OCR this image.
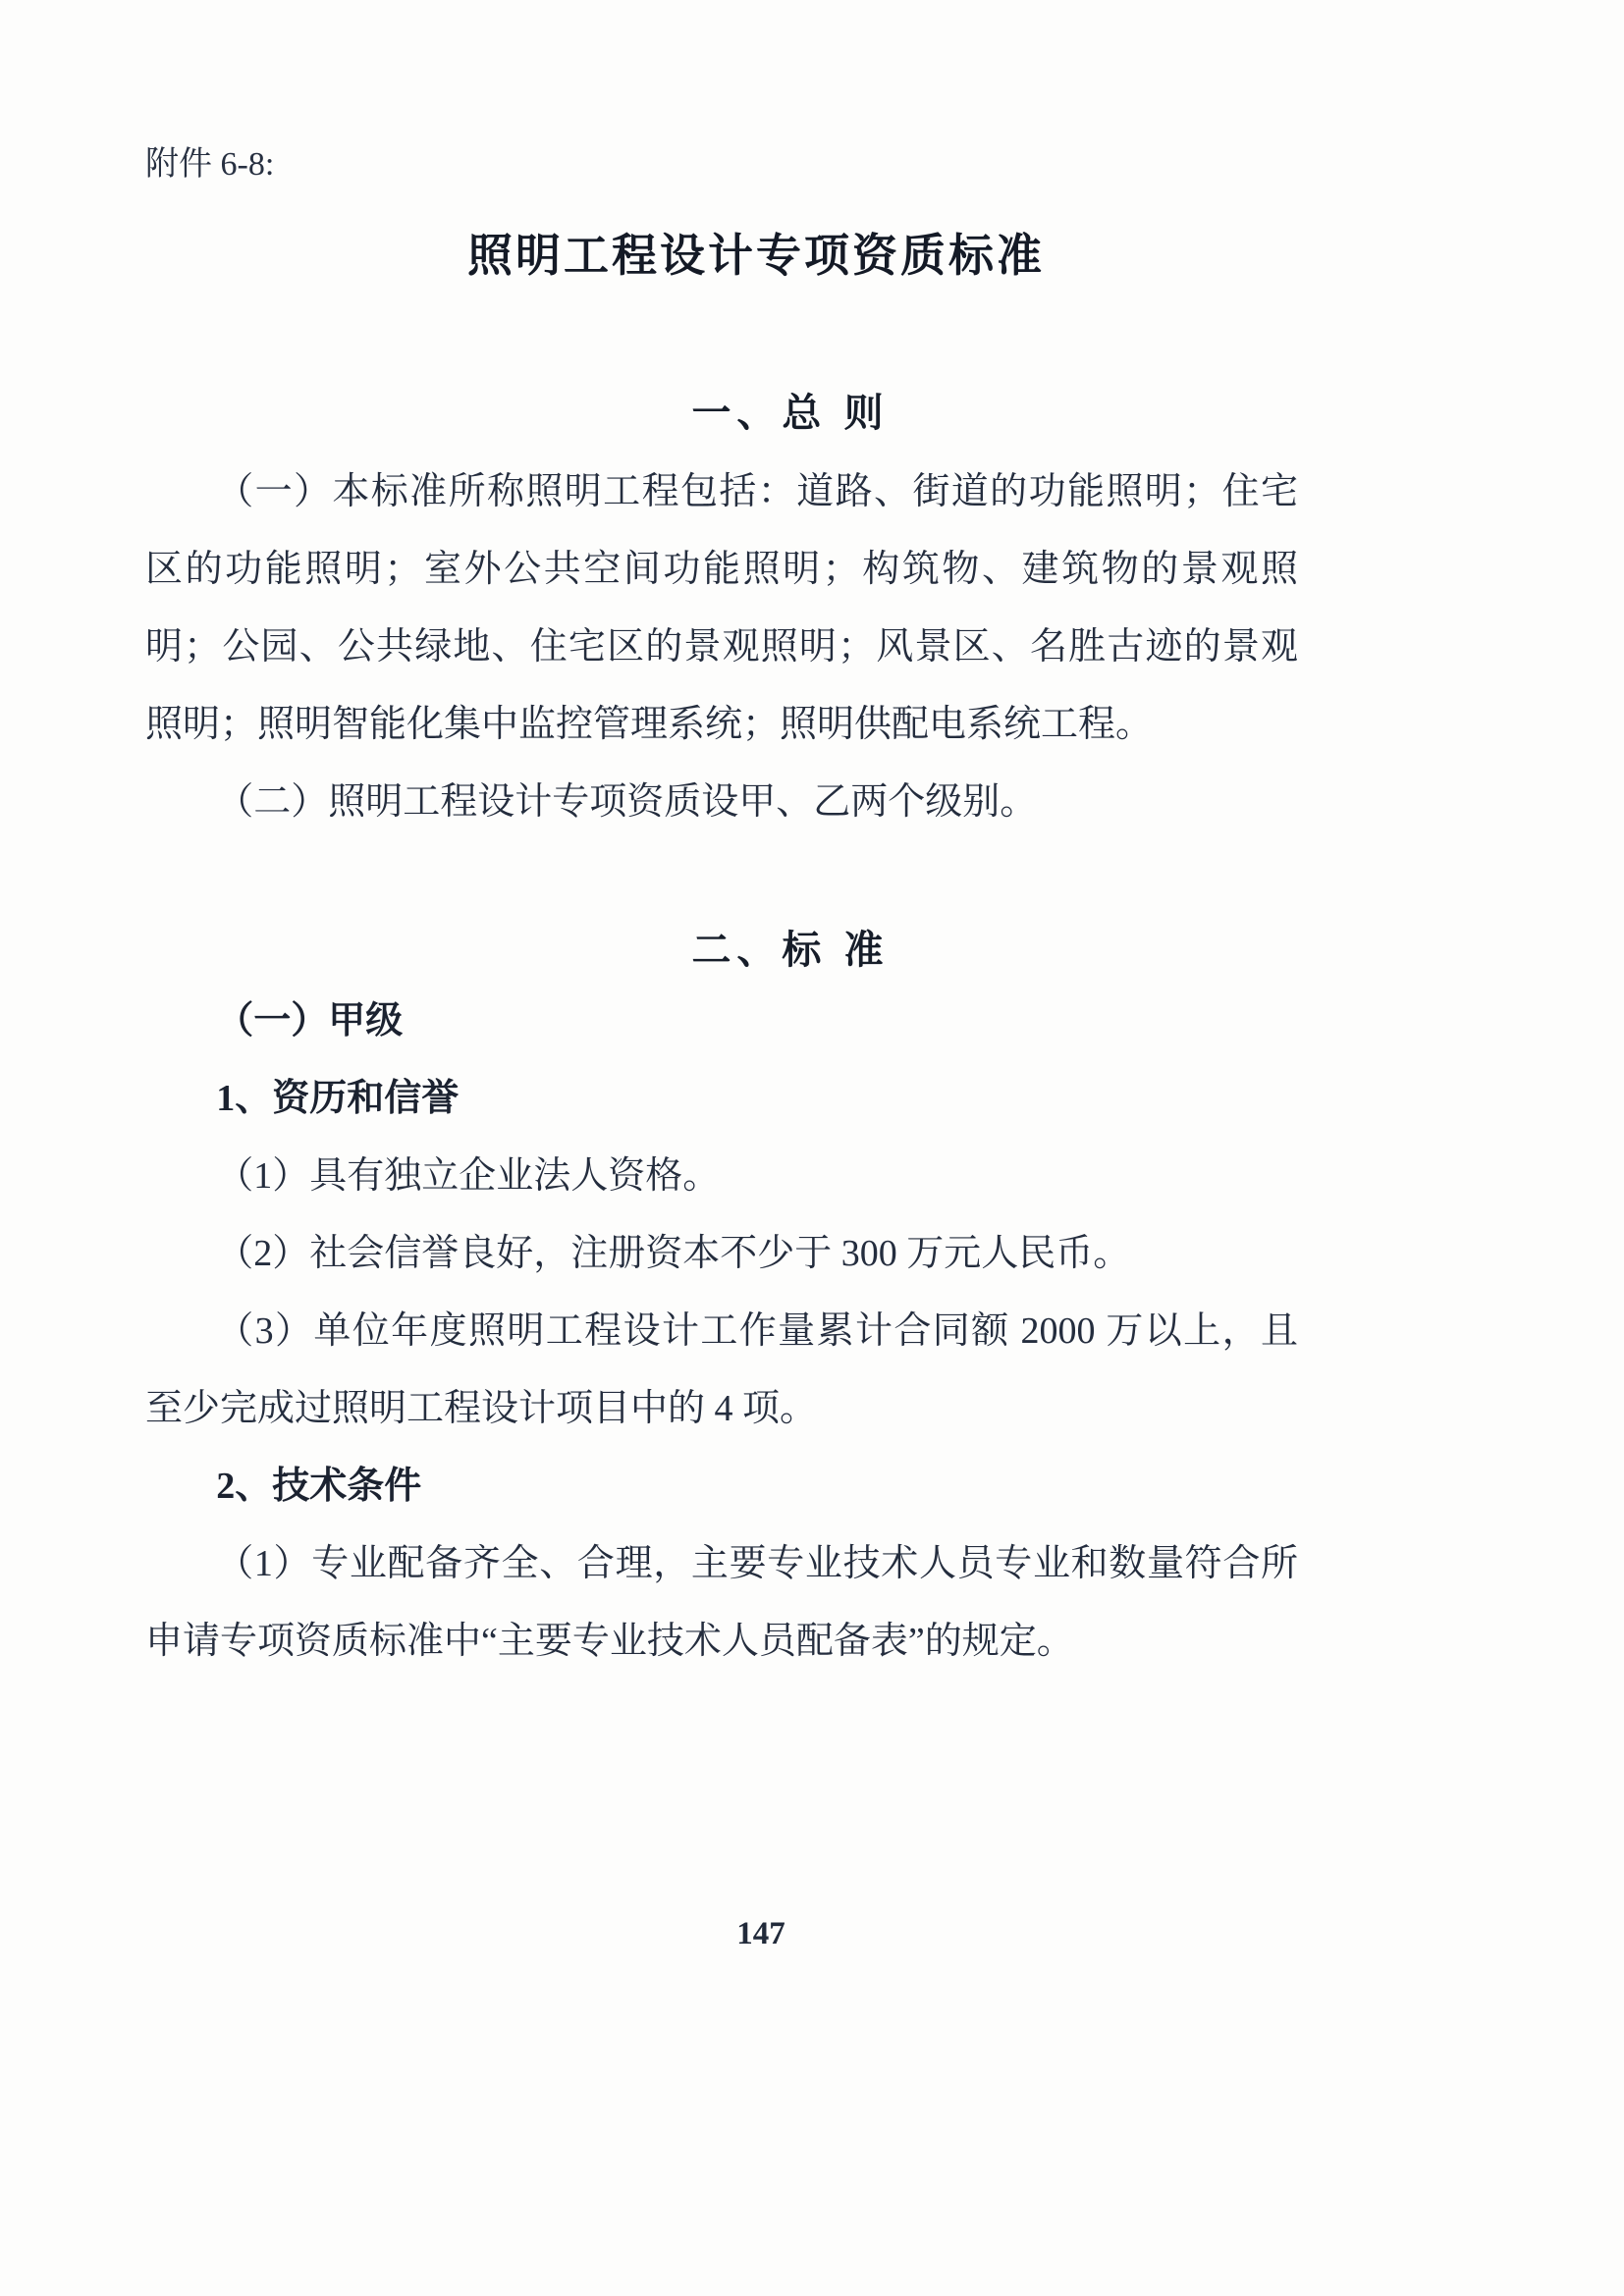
附件 6-8:
照明工程设计专项资质标准
一、总 则
（一）本标准所称照明工程包括：道路、街道的功能照明；住宅区的功能照明；室外公共空间功能照明；构筑物、建筑物的景观照明；公园、公共绿地、住宅区的景观照明；风景区、名胜古迹的景观照明；照明智能化集中监控管理系统；照明供配电系统工程。
（二）照明工程设计专项资质设甲、乙两个级别。
二、标 准
（一）甲级
1、资历和信誉
（1）具有独立企业法人资格。
（2）社会信誉良好，注册资本不少于 300 万元人民币。
（3）单位年度照明工程设计工作量累计合同额 2000 万以上，且至少完成过照明工程设计项目中的 4 项。
2、技术条件
（1）专业配备齐全、合理，主要专业技术人员专业和数量符合所申请专项资质标准中“主要专业技术人员配备表”的规定。
147
